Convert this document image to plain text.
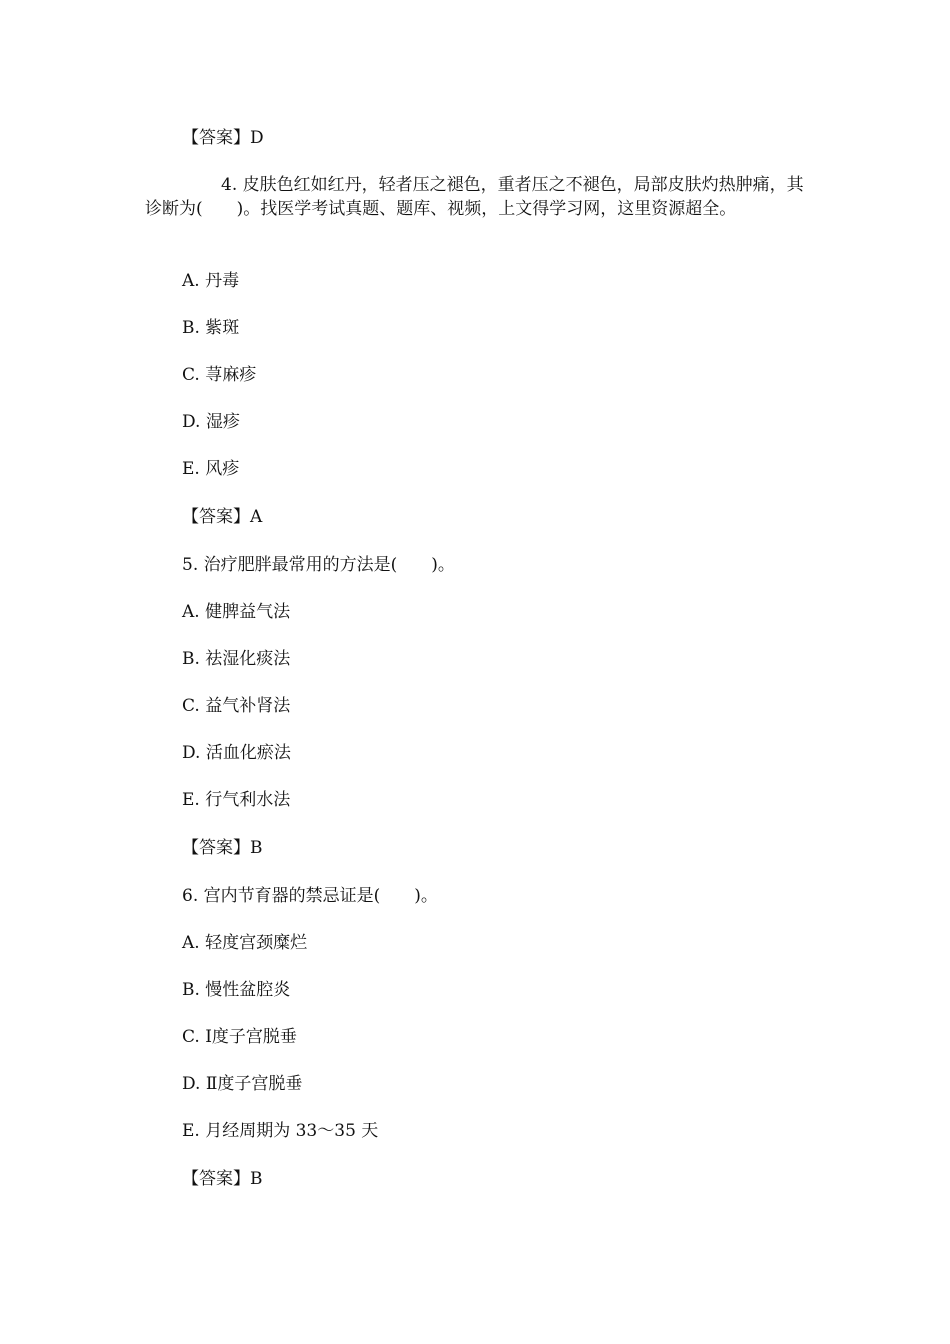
【答案】D
4. 皮肤色红如红丹，轻者压之褪色，重者压之不褪色，局部皮肤灼热肿痛，其诊断为(　　)。找医学考试真题、题库、视频，上文得学习网，这里资源超全。
A. 丹毒
B. 紫斑
C. 荨麻疹
D. 湿疹
E. 风疹
【答案】A
5. 治疗肥胖最常用的方法是(　　)。
A. 健脾益气法
B. 祛湿化痰法
C. 益气补肾法
D. 活血化瘀法
E. 行气利水法
【答案】B
6. 宫内节育器的禁忌证是(　　)。
A. 轻度宫颈糜烂
B. 慢性盆腔炎
C. Ⅰ度子宫脱垂
D. Ⅱ度子宫脱垂
E. 月经周期为 33～35 天
【答案】B
